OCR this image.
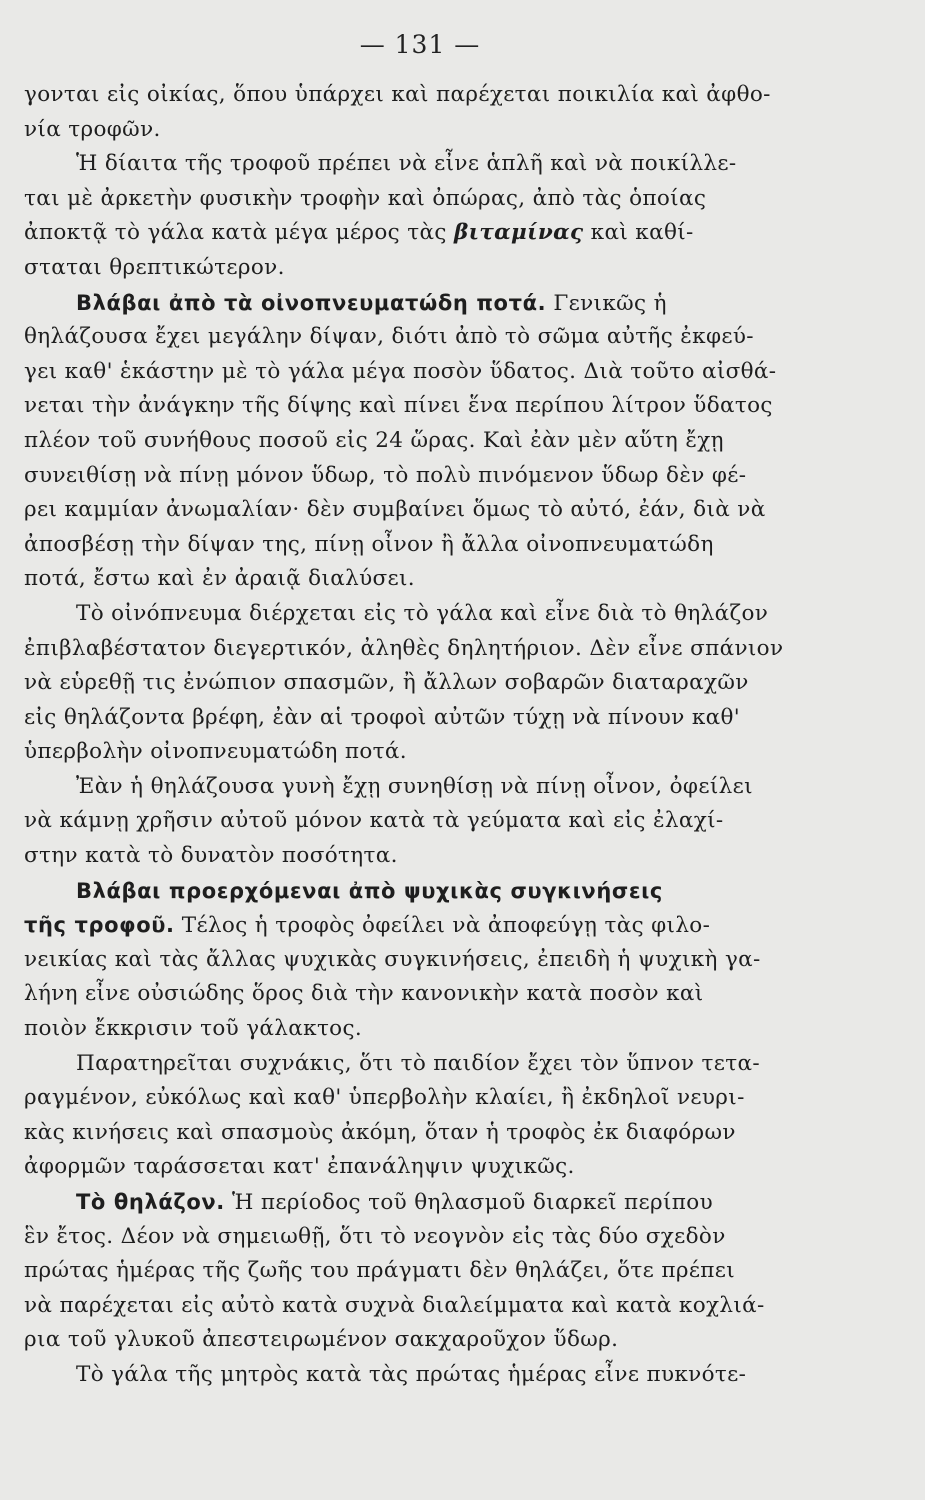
— 131 —
γονται εἰς οἰκίας, ὅπου ὑπάρχει καὶ παρέχεται ποικιλία καὶ ἀφθο-
νία τροφῶν.
Ἡ δίαιτα τῆς τροφοῦ πρέπει νὰ εἶνε ἁπλῆ καὶ νὰ ποικίλλε-
ται μὲ ἀρκετὴν φυσικὴν τροφὴν καὶ ὀπώρας, ἀπὸ τὰς ὁποίας
ἀποκτᾷ τὸ γάλα κατὰ μέγα μέρος τὰς βιταμίνας καὶ καθί-
σταται θρεπτικώτερον.
Βλάβαι ἀπὸ τὰ οἰνοπνευματώδη ποτά. Γενικῶς ἡ
θηλάζουσα ἔχει μεγάλην δίψαν, διότι ἀπὸ τὸ σῶμα αὐτῆς ἐκφεύ-
γει καθ' ἑκάστην μὲ τὸ γάλα μέγα ποσὸν ὕδατος. Διὰ τοῦτο αἰσθά-
νεται τὴν ἀνάγκην τῆς δίψης καὶ πίνει ἕνα περίπου λίτρον ὕδατος
πλέον τοῦ συνήθους ποσοῦ εἰς 24 ὥρας. Καὶ ἐὰν μὲν αὕτη ἔχῃ
συνειθίσῃ νὰ πίνῃ μόνον ὕδωρ, τὸ πολὺ πινόμενον ὕδωρ δὲν φέ-
ρει καμμίαν ἀνωμαλίαν· δὲν συμβαίνει ὅμως τὸ αὐτό, ἐάν, διὰ νὰ
ἀποσβέσῃ τὴν δίψαν της, πίνῃ οἶνον ἢ ἄλλα οἰνοπνευματώδη
ποτά, ἔστω καὶ ἐν ἀραιᾷ διαλύσει.
Τὸ οἰνόπνευμα διέρχεται εἰς τὸ γάλα καὶ εἶνε διὰ τὸ θηλάζον
ἐπιβλαβέστατον διεγερτικόν, ἀληθὲς δηλητήριον. Δὲν εἶνε σπάνιον
νὰ εὑρεθῇ τις ἐνώπιον σπασμῶν, ἢ ἄλλων σοβαρῶν διαταραχῶν
εἰς θηλάζοντα βρέφη, ἐὰν αἱ τροφοὶ αὐτῶν τύχῃ νὰ πίνουν καθ'
ὑπερβολὴν οἰνοπνευματώδη ποτά.
Ἐὰν ἡ θηλάζουσα γυνὴ ἔχῃ συνηθίσῃ νὰ πίνῃ οἶνον, ὀφείλει
νὰ κάμνῃ χρῆσιν αὐτοῦ μόνον κατὰ τὰ γεύματα καὶ εἰς ἐλαχί-
στην κατὰ τὸ δυνατὸν ποσότητα.
Βλάβαι προερχόμεναι ἀπὸ ψυχικὰς συγκινήσεις
τῆς τροφοῦ. Τέλος ἡ τροφὸς ὀφείλει νὰ ἀποφεύγῃ τὰς φιλο-
νεικίας καὶ τὰς ἄλλας ψυχικὰς συγκινήσεις, ἐπειδὴ ἡ ψυχικὴ γα-
λήνη εἶνε οὐσιώδης ὅρος διὰ τὴν κανονικὴν κατὰ ποσὸν καὶ
ποιὸν ἔκκρισιν τοῦ γάλακτος.
Παρατηρεῖται συχνάκις, ὅτι τὸ παιδίον ἔχει τὸν ὕπνον τετα-
ραγμένον, εὐκόλως καὶ καθ' ὑπερβολὴν κλαίει, ἢ ἐκδηλοῖ νευρι-
κὰς κινήσεις καὶ σπασμοὺς ἀκόμη, ὅταν ἡ τροφὸς ἐκ διαφόρων
ἀφορμῶν ταράσσεται κατ' ἐπανάληψιν ψυχικῶς.
Τὸ θηλάζον. Ἡ περίοδος τοῦ θηλασμοῦ διαρκεῖ περίπου
ἓν ἔτος. Δέον νὰ σημειωθῇ, ὅτι τὸ νεογνὸν εἰς τὰς δύο σχεδὸν
πρώτας ἡμέρας τῆς ζωῆς του πράγματι δὲν θηλάζει, ὅτε πρέπει
νὰ παρέχεται εἰς αὐτὸ κατὰ συχνὰ διαλείμματα καὶ κατὰ κοχλιά-
ρια τοῦ γλυκοῦ ἀπεστειρωμένον σακχαροῦχον ὕδωρ.
Τὸ γάλα τῆς μητρὸς κατὰ τὰς πρώτας ἡμέρας εἶνε πυκνότε-
